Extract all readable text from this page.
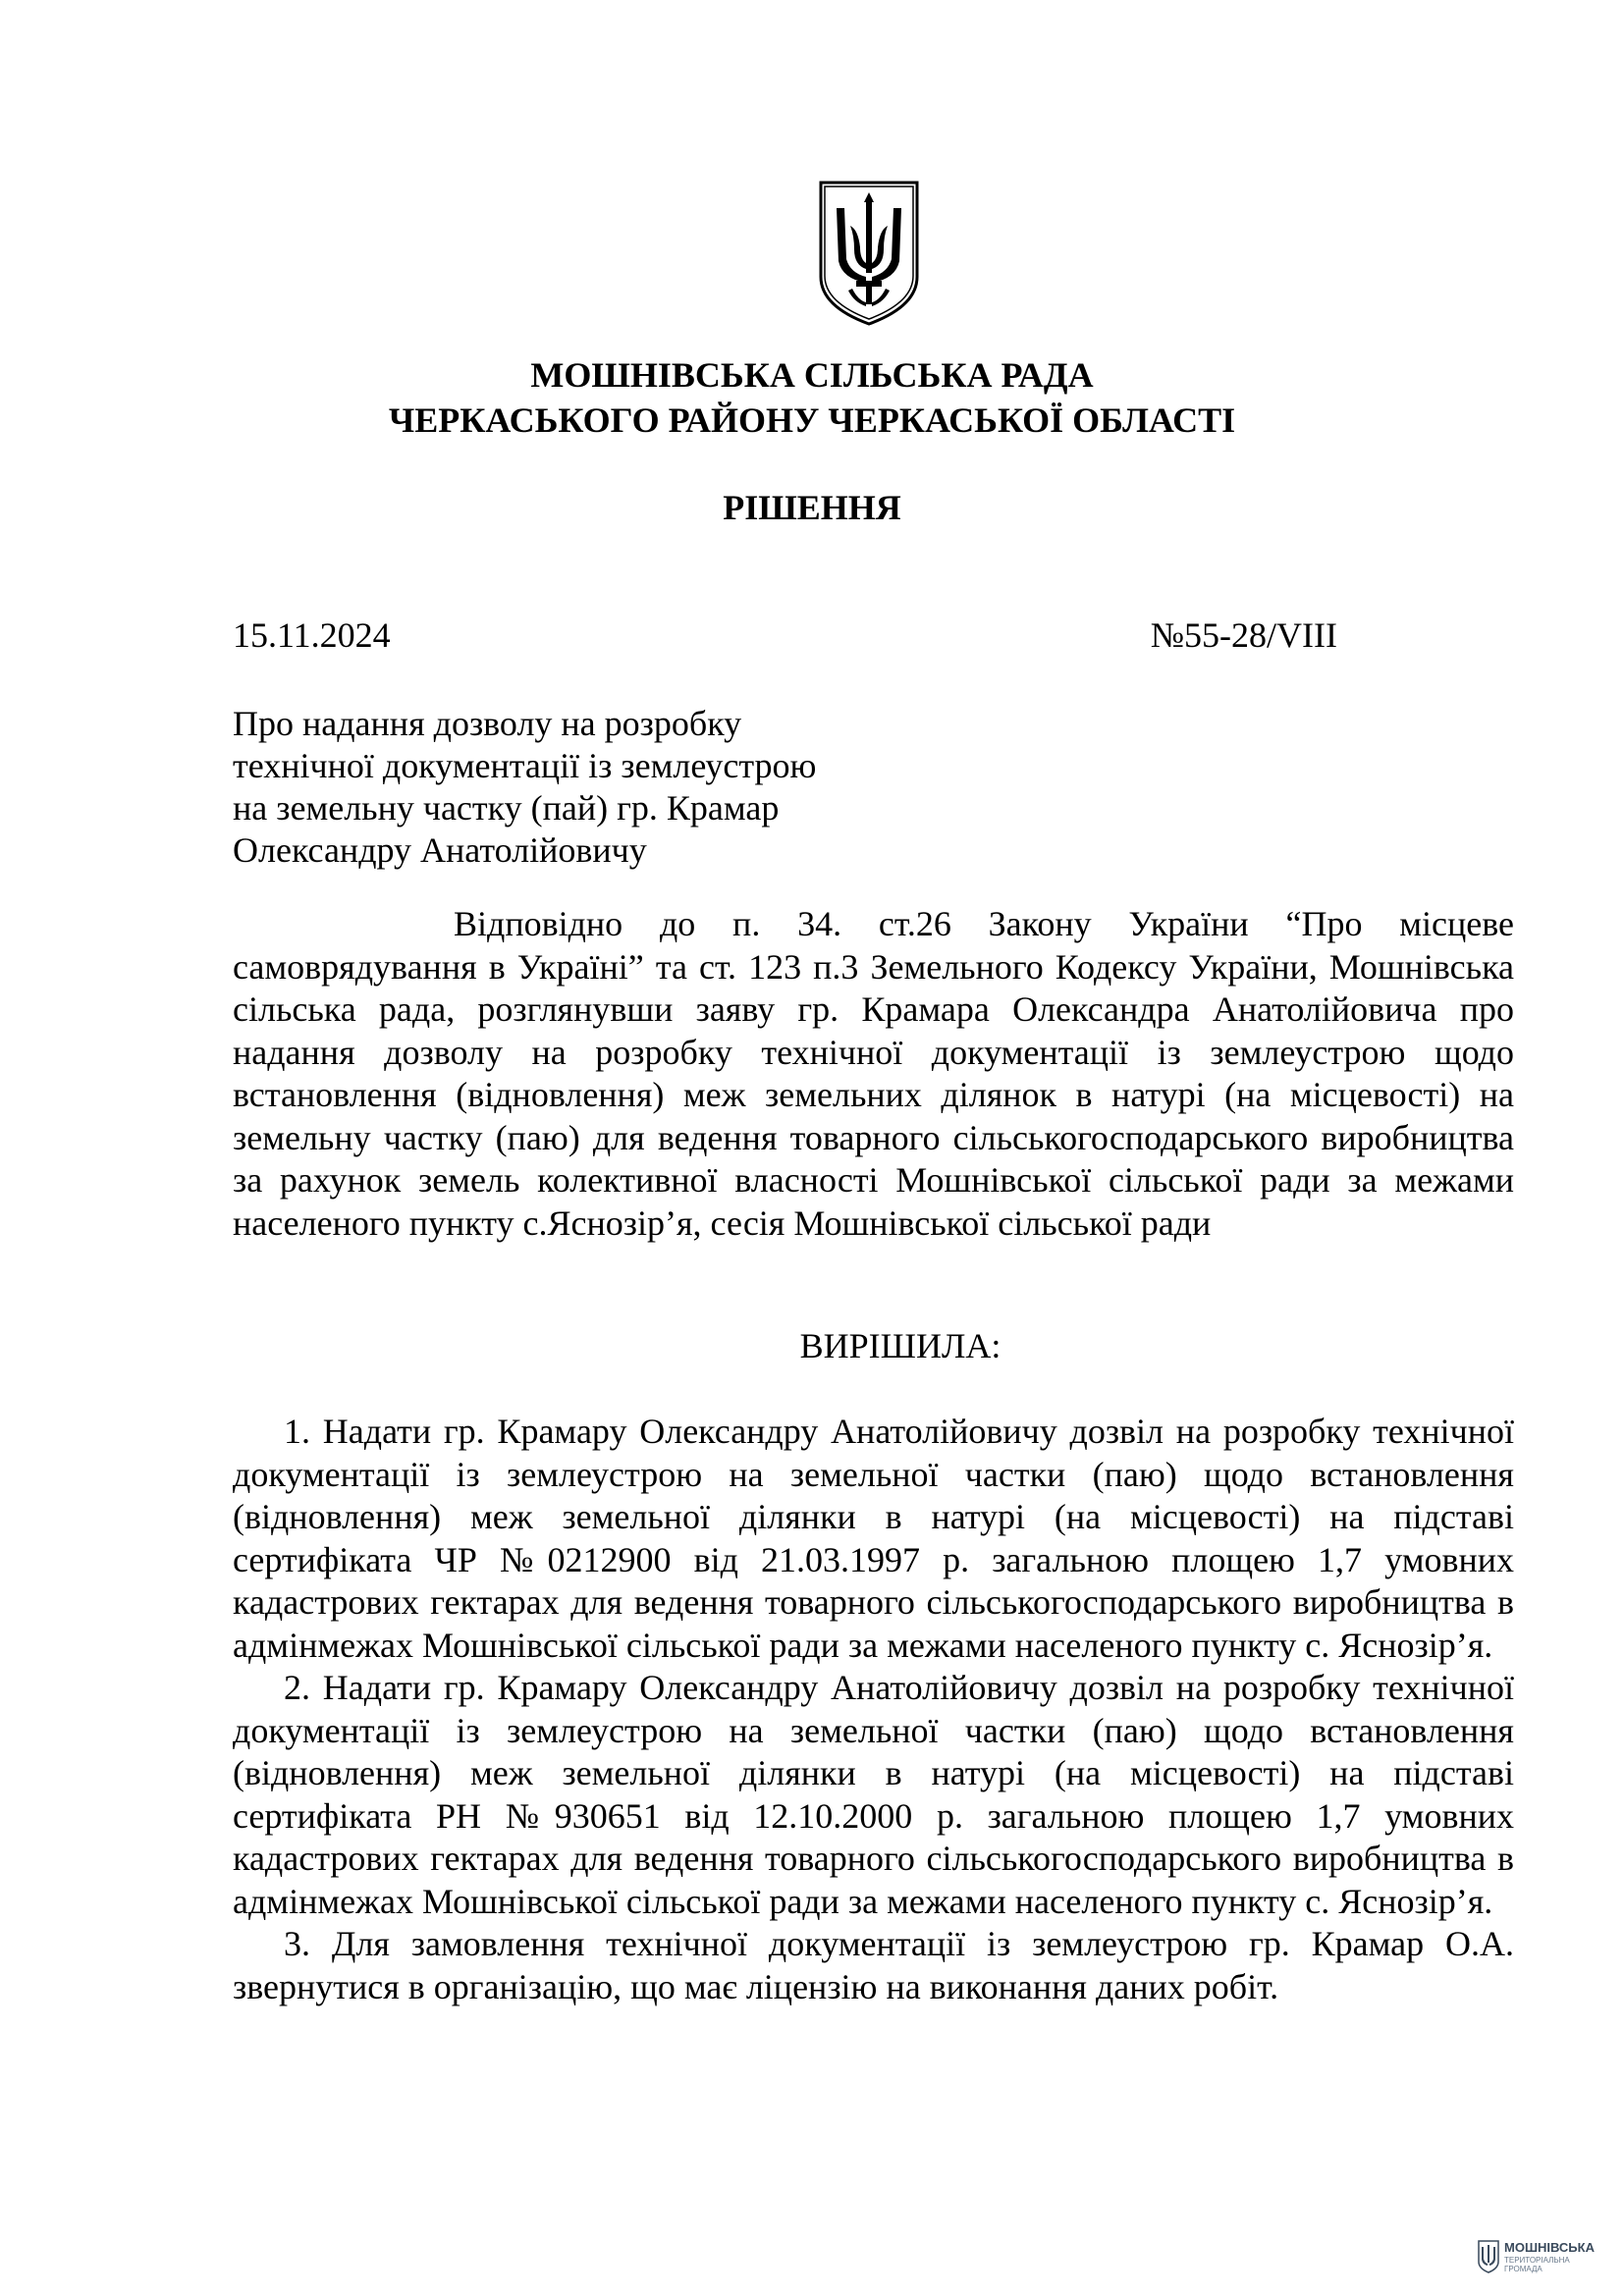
МОШНІВСЬКА СІЛЬСЬКА РАДА
ЧЕРКАСЬКОГО РАЙОНУ ЧЕРКАСЬКОЇ ОБЛАСТІ
РІШЕННЯ
15.11.2024	№55-28/VIII
Про надання дозволу на розробку
технічної документації із землеустрою
на земельну частку (пай) гр. Крамар
Олександру Анатолійовичу
Відповідно до п. 34. ст.26 Закону України “Про місцеве самоврядування в Україні” та ст. 123 п.3 Земельного Кодексу України, Мошнівська сільська рада, розглянувши заяву гр. Крамара Олександра Анатолійовича про надання дозволу на розробку технічної документації із землеустрою щодо встановлення (відновлення) меж земельних ділянок в натурі (на місцевості) на земельну частку (паю) для ведення товарного сільськогосподарського виробництва за рахунок земель колективної власності Мошнівської сільської ради за межами населеного пункту с.Яснозір’я, сесія Мошнівської сільської ради
ВИРІШИЛА:

1. Надати гр. Крамару Олександру Анатолійовичу дозвіл на розробку технічної документації із землеустрою на земельної частки (паю) щодо встановлення (відновлення) меж земельної ділянки в натурі (на місцевості) на підставі сертифіката ЧР №0212900 від 21.03.1997 р. загальною площею 1,7 умовних кадастрових гектарах для ведення товарного сільськогосподарського виробництва в адмінмежах Мошнівської сільської ради за межами населеного пункту с. Яснозір’я.

2. Надати гр. Крамару Олександру Анатолійовичу дозвіл на розробку технічної документації із землеустрою на земельної частки (паю) щодо встановлення (відновлення) меж земельної ділянки в натурі (на місцевості) на підставі сертифіката РН №930651 від 12.10.2000 р. загальною площею 1,7 умовних кадастрових гектарах для ведення товарного сільськогосподарського виробництва в адмінмежах Мошнівської сільської ради за межами населеного пункту с. Яснозір’я.

3. Для замовлення технічної документації із землеустрою гр. Крамар О.А. звернутися в організацію, що має ліцензію на виконання даних робіт.

МОШНІВСЬКА
ТЕРИТОРІАЛЬНА
ГРОМАДА
